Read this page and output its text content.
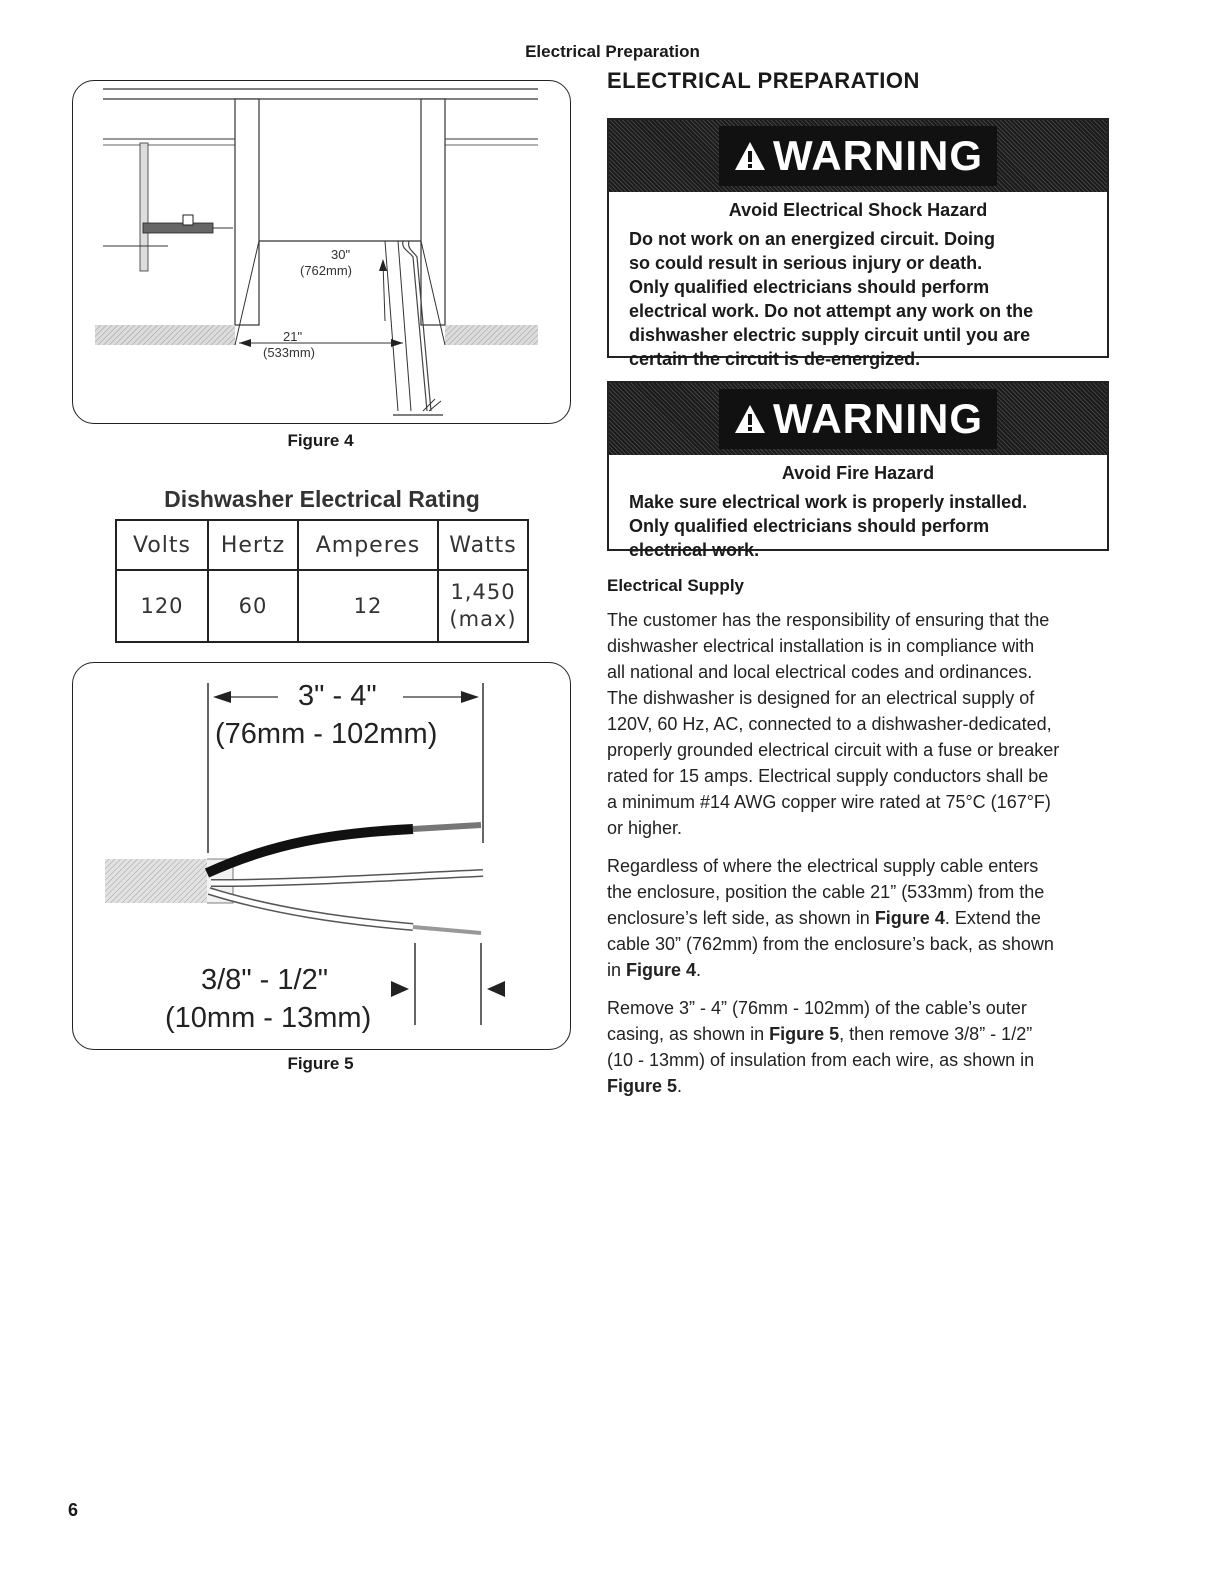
Electrical Preparation
ELECTRICAL PREPARATION
30"
(762mm)
21"
(533mm)
Figure 4
Dishwasher Electrical Rating
Volts	Hertz	Amperes	Watts
120	60	12	1,450
(max)
3" - 4"
(76mm - 102mm)
3/8" - 1/2"
(10mm - 13mm)
Figure 5
WARNING
Avoid Electrical Shock Hazard
Do not work on an energized circuit. Doing
so could result in serious injury or death.
Only qualified electricians should perform
electrical work. Do not attempt any work on the
dishwasher electric supply circuit until you are
certain the circuit is de-energized.
WARNING
Avoid Fire Hazard
Make sure electrical work is properly installed.
Only qualified electricians should perform
electrical work.
Electrical Supply
The customer has the responsibility of ensuring that the
dishwasher electrical installation is in compliance with
all national and local electrical codes and ordinances.
The dishwasher is designed for an electrical supply of
120V, 60 Hz, AC, connected to a dishwasher-dedicated,
properly grounded electrical circuit with a fuse or breaker
rated for 15 amps. Electrical supply conductors shall be
a minimum #14 AWG copper wire rated at 75°C (167°F)
or higher.
Regardless of where the electrical supply cable enters
the enclosure, position the cable 21” (533mm) from the
enclosure’s left side, as shown in Figure 4. Extend the
cable 30” (762mm) from the enclosure’s back, as shown
in Figure 4.
Remove 3” - 4” (76mm - 102mm) of the cable’s outer
casing, as shown in Figure 5, then remove 3/8” - 1/2”
(10 - 13mm) of insulation from each wire, as shown in
Figure 5.
6
